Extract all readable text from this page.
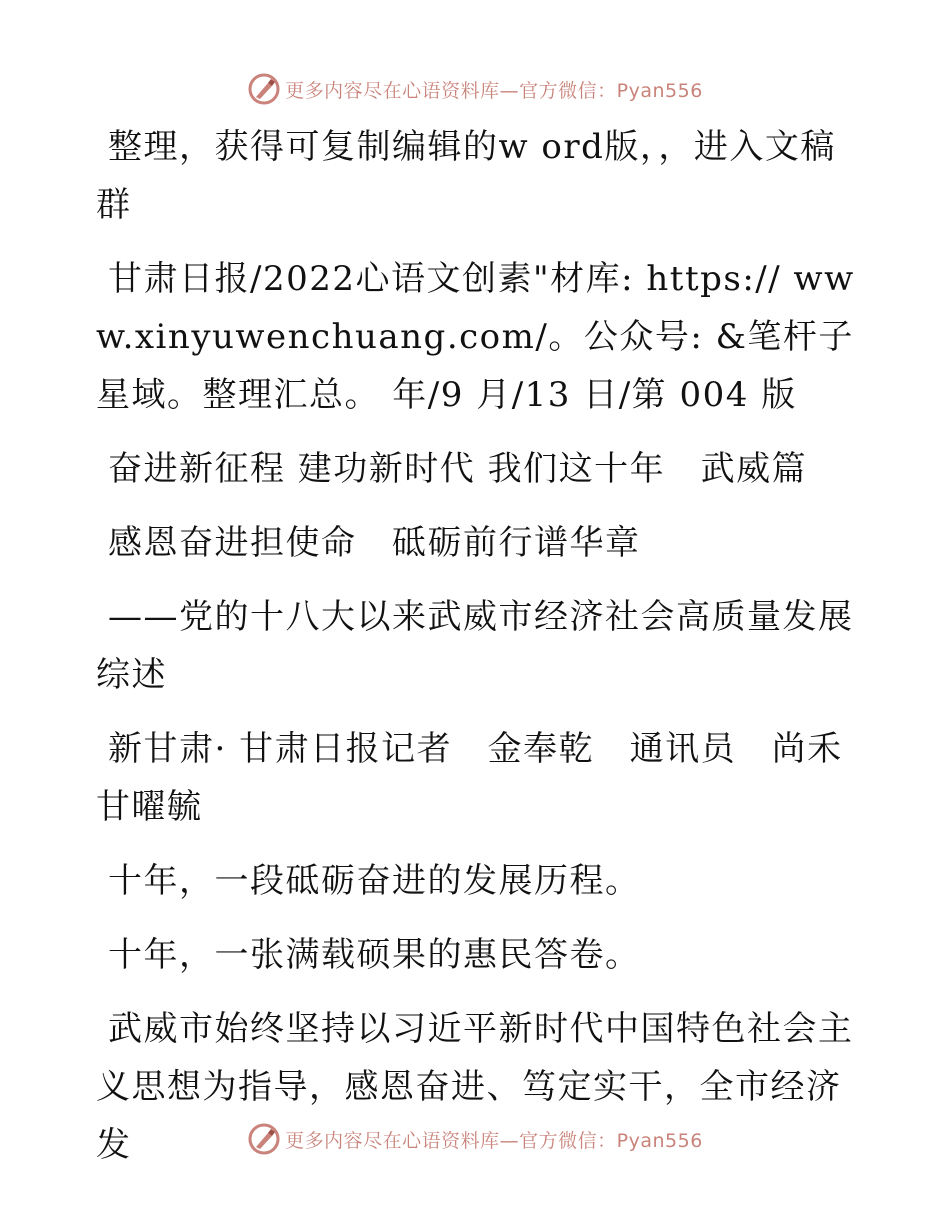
更多内容尽在心语资料库—官方微信：Pyan556

整理，获得可复制编辑的w ord版，，进入文稿群

甘肃日报/2022心语文创素"材库: https:// www.xinyuwenchuang.com/。公众号: &笔杆子星域。整理汇总。 年/9 月/13 日/第 004 版

奋进新征程 建功新时代 我们这十年　武威篇

感恩奋进担使命　砥砺前行谱华章

——党的十八大以来武威市经济社会高质量发展综述

新甘肃· 甘肃日报记者　金奉乾　通讯员　尚禾甘曜毓

十年，一段砥砺奋进的发展历程。

十年，一张满载硕果的惠民答卷。

武威市始终坚持以习近平新时代中国特色社会主义思想为指导，感恩奋进、笃定实干，全市经济发	更多内容尽在心语资料库—官方微信：Pyan556
